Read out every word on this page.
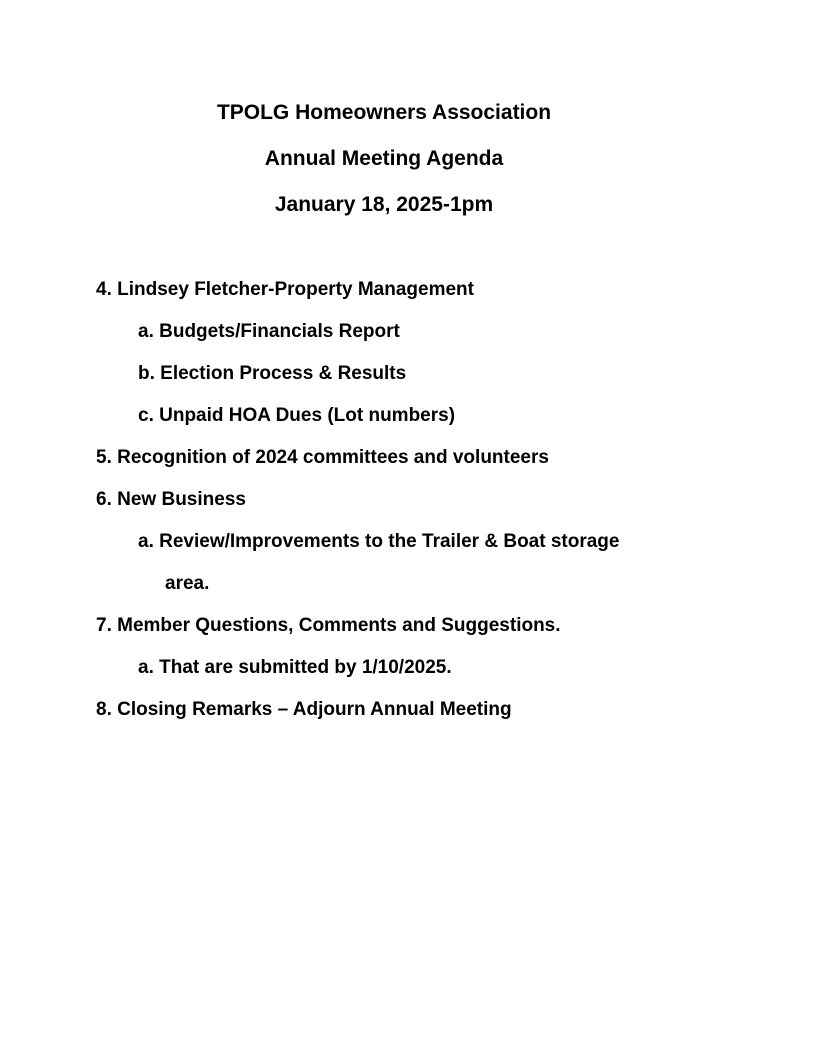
TPOLG Homeowners Association
Annual Meeting Agenda
January 18, 2025-1pm
4. Lindsey Fletcher-Property Management
a. Budgets/Financials Report
b. Election Process & Results
c. Unpaid HOA Dues (Lot numbers)
5. Recognition of 2024 committees and volunteers
6. New Business
a. Review/Improvements to the Trailer & Boat storage
area.
7. Member Questions, Comments and Suggestions.
a. That are submitted by 1/10/2025.
8. Closing Remarks – Adjourn Annual Meeting
